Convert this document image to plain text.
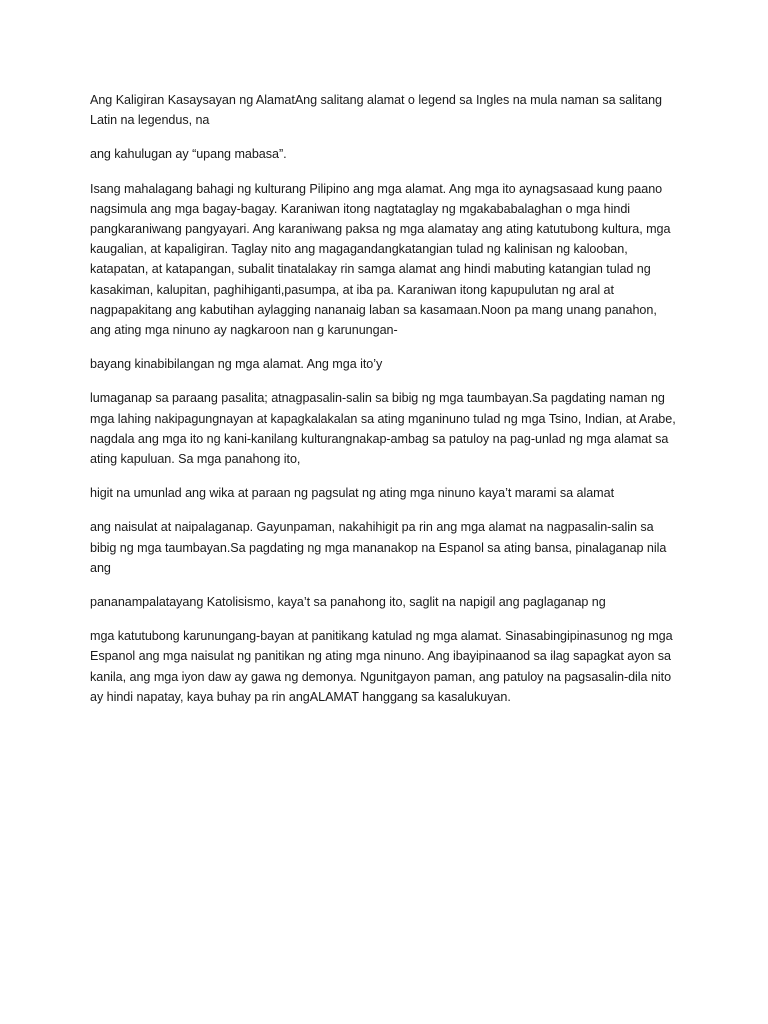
Ang Kaligiran Kasaysayan ng AlamatAng salitang alamat o legend sa Ingles na mula naman sa salitang Latin na legendus, na

ang kahulugan ay “upang mabasa”.

Isang mahalagang bahagi ng kulturang Pilipino ang mga alamat. Ang mga ito aynagsasaad kung paano nagsimula ang mga bagay-bagay. Karaniwan itong nagtataglay ng mgakababalaghan o mga hindi pangkaraniwang pangyayari. Ang karaniwang paksa ng mga alamatay ang ating katutubong kultura, mga kaugalian, at kapaligiran. Taglay nito ang magagandangkatangian tulad ng kalinisan ng kalooban, katapatan, at katapangan, subalit tinatalakay rin samga alamat ang hindi mabuting katangian tulad ng kasakiman, kalupitan, paghihiganti,pasumpa, at iba pa. Karaniwan itong kapupulutan ng aral at nagpapakitang ang kabutihan aylagging nananaig laban sa kasamaan.Noon pa mang unang panahon, ang ating mga ninuno ay nagkaroon nan g karunungan-

bayang kinabibilangan ng mga alamat. Ang mga ito’y

lumaganap sa paraang pasalita; atnagpasalin-salin sa bibig ng mga taumbayan.Sa pagdating naman ng mga lahing nakipagungnayan at kapagkalakalan sa ating mganinuno tulad ng mga Tsino, Indian, at Arabe, nagdala ang mga ito ng kani-kanilang kulturangnakap-ambag sa patuloy na pag-unlad ng mga alamat sa ating kapuluan. Sa mga panahong ito,

higit na umunlad ang wika at paraan ng pagsulat ng ating mga ninuno kaya’t marami sa alamat

ang naisulat at naipalaganap. Gayunpaman, nakahihigit pa rin ang mga alamat na nagpasalin-salin sa bibig ng mga taumbayan.Sa pagdating ng mga mananakop na Espanol sa ating bansa, pinalaganap nila ang

pananampalatayang Katolisismo, kaya’t sa panahong ito, saglit na napigil ang paglaganap ng

mga katutubong karunungang-bayan at panitikang katulad ng mga alamat. Sinasabingipinasunog ng mga Espanol ang mga naisulat ng panitikan ng ating mga ninuno. Ang ibayipinaanod sa ilag sapagkat ayon sa kanila, ang mga iyon daw ay gawa ng demonya. Ngunitgayon paman, ang patuloy na pagsasalin-dila nito ay hindi napatay, kaya buhay pa rin angALAMAT hanggang sa kasalukuyan.
